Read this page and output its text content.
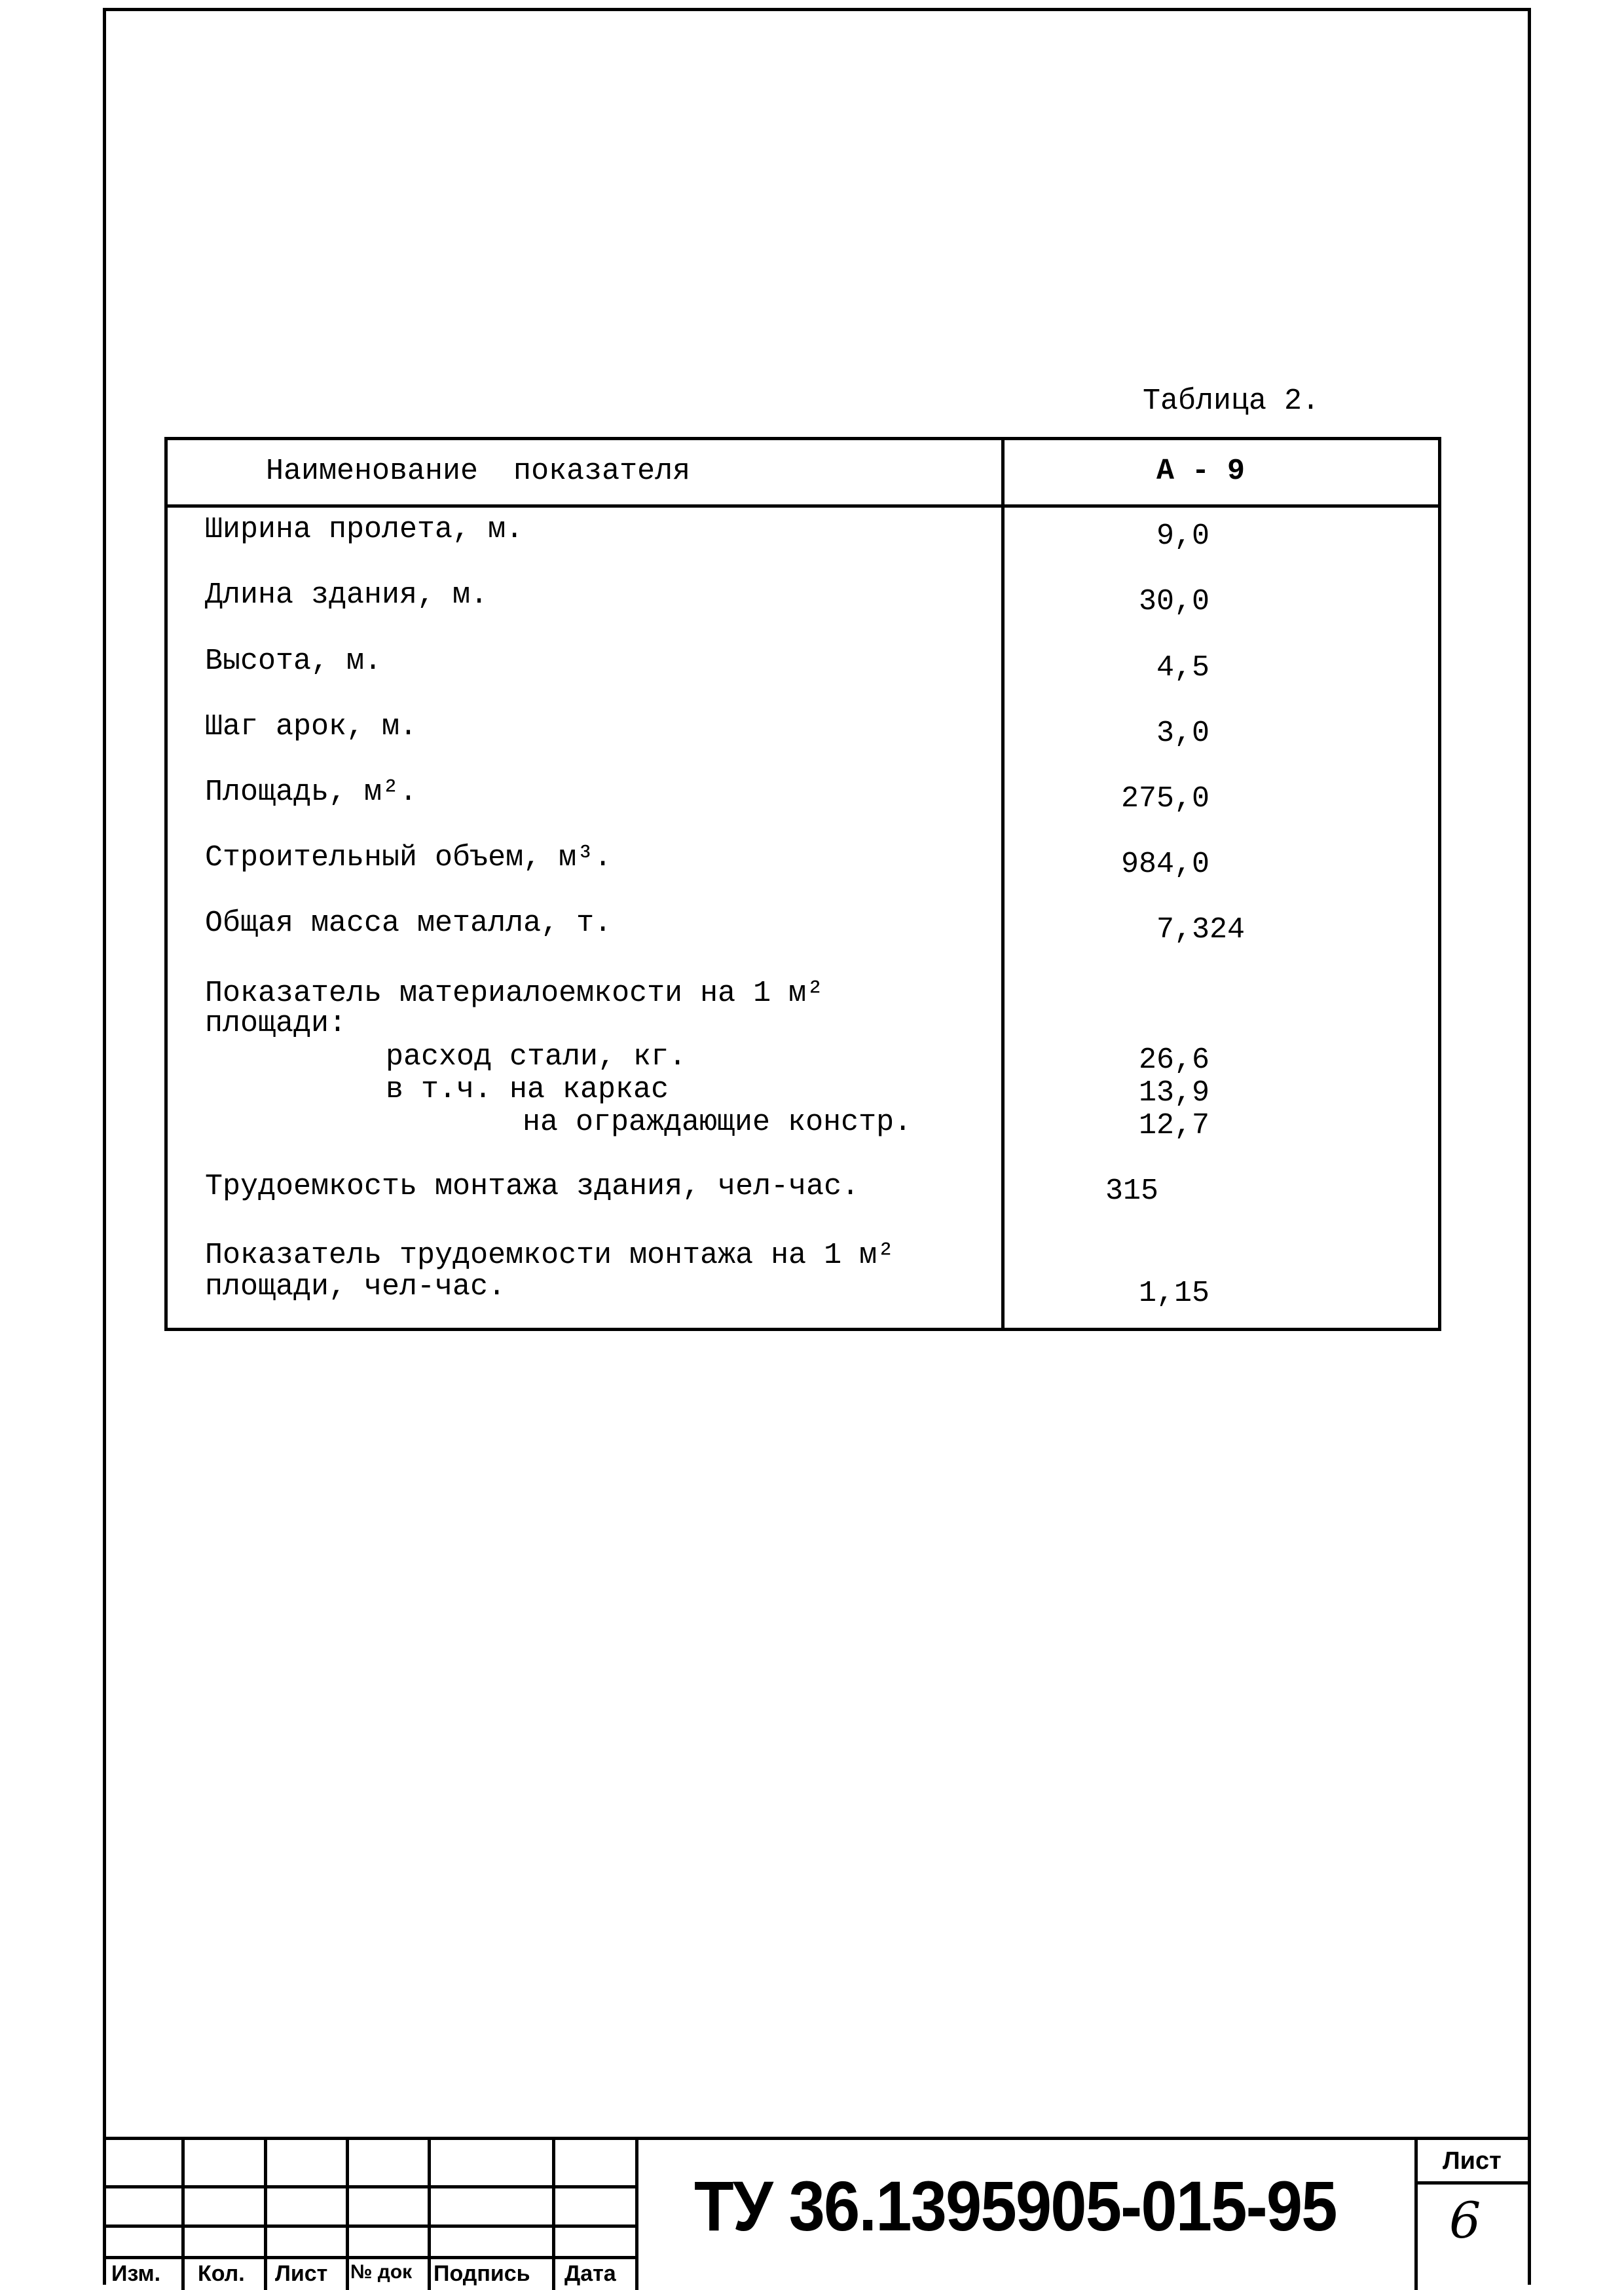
Таблица 2.
Наименование  показателя	А - 9
Ширина пролета, м.	9,0
Длина здания, м.	30,0
Высота, м.	4,5
Шаг арок, м.	3,0
Площадь, м².	275,0
Строительный объем, м³.	984,0
Общая масса металла, т.	7,324
Показатель материалоемкости на 1 м²
площади:
расход стали, кг.	26,6
в т.ч. на каркас	13,9
на ограждающие констр.	12,7
Трудоемкость монтажа здания, чел-час.	315
Показатель трудоемкости монтажа на 1 м²
площади, чел-час.	1,15
Изм. Кол. Лист № док Подпись Дата
ТУ 36.1395905-015-95
Лист
6
